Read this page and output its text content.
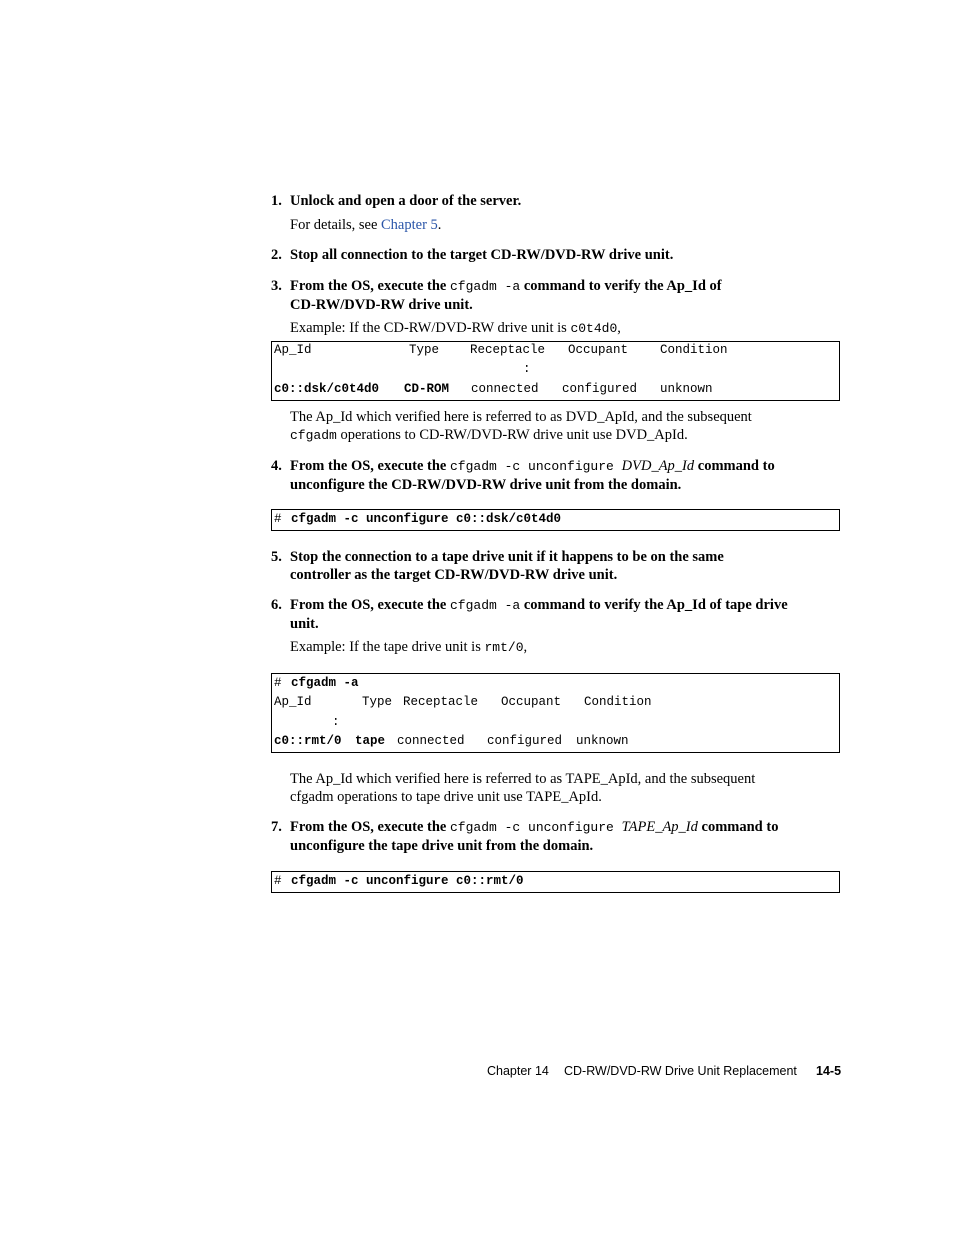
1. Unlock and open a door of the server.
For details, see Chapter 5.
2. Stop all connection to the target CD-RW/DVD-RW drive unit.
3. From the OS, execute the cfgadm -a command to verify the Ap_Id of
CD-RW/DVD-RW drive unit.
Example: If the CD-RW/DVD-RW drive unit is c0t4d0,
Ap_Id	Type Receptacle Occupant	Condition
:
c0::dsk/c0t4d0 CD-ROM connected configured unknown
The Ap_Id which verified here is referred to as DVD_ApId, and the subsequent
cfgadm operations to CD-RW/DVD-RW drive unit use DVD_ApId.
4. From the OS, execute the cfgadm -c unconfigure DVD_Ap_Id command to
unconfigure the CD-RW/DVD-RW drive unit from the domain.
# cfgadm -c unconfigure c0::dsk/c0t4d0
5. Stop the connection to a tape drive unit if it happens to be on the same
controller as the target CD-RW/DVD-RW drive unit.
6. From the OS, execute the cfgadm -a command to verify the Ap_Id of tape drive
unit.
Example: If the tape drive unit is rmt/0,
# cfgadm -a
Ap_Id	Type Receptacle Occupant Condition
:
c0::rmt/0 tape connected configured unknown
The Ap_Id which verified here is referred to as TAPE_ApId, and the subsequent
cfgadm operations to tape drive unit use TAPE_ApId.
7. From the OS, execute the cfgadm -c unconfigure TAPE_Ap_Id command to
unconfigure the tape drive unit from the domain.
# cfgadm -c unconfigure c0::rmt/0
Chapter 14 CD-RW/DVD-RW Drive Unit Replacement 14-5
